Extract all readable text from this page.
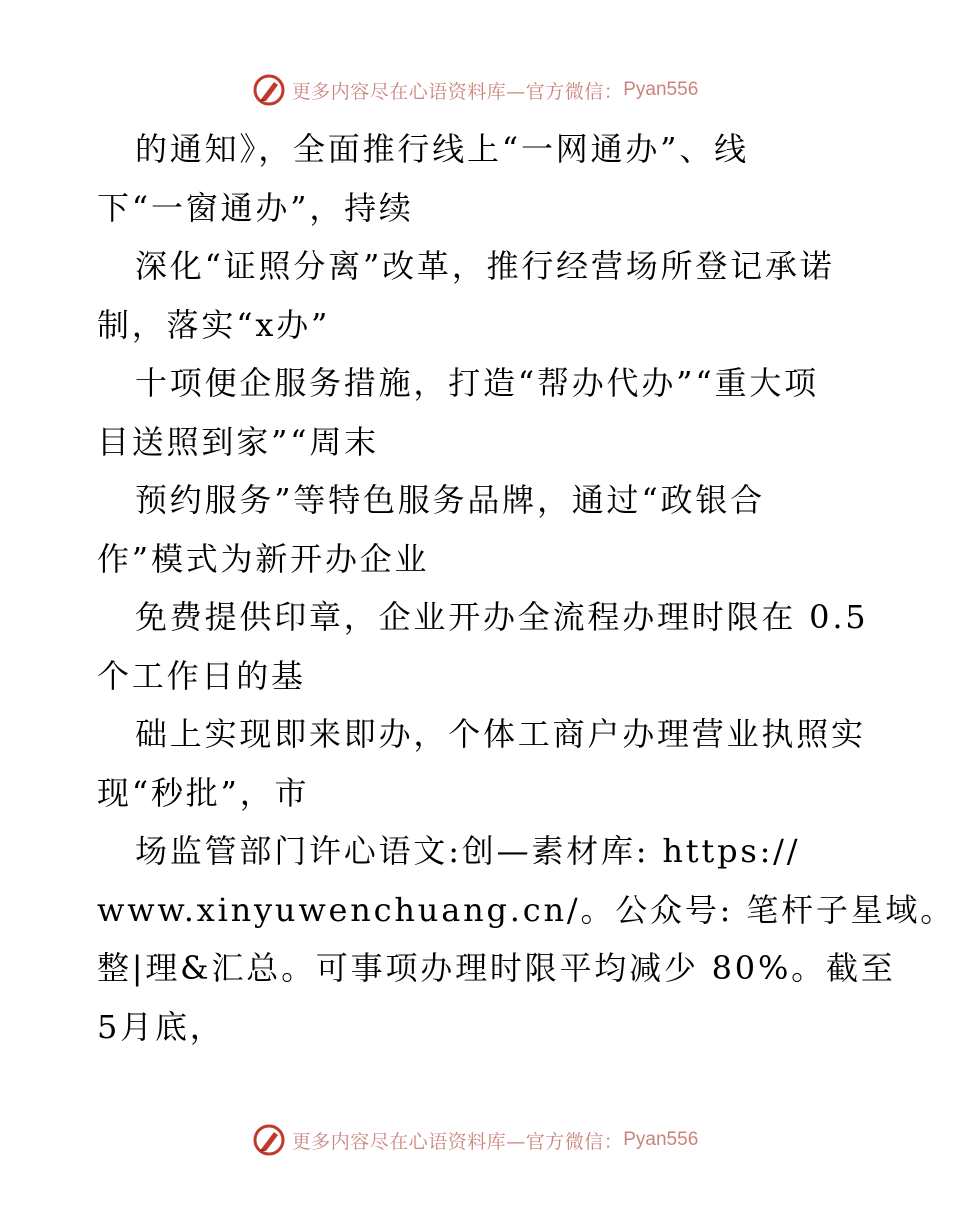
更多内容尽在心语资料库—官方微信： Pyan556
的通知》，全面推行线上“一网通办”、线
下“一窗通办”，持续
深化“证照分离”改革，推行经营场所登记承诺
制，落实“x办”
十项便企服务措施，打造“帮办代办”“重大项
目送照到家”“周末
预约服务”等特色服务品牌，通过“政银合
作”模式为新开办企业
免费提供印章，企业开办全流程办理时限在 0.5
个工作日的基
础上实现即来即办，个体工商户办理营业执照实
现“秒批”，市
场监管部门许心语文:创—素材库: https://
www.xinyuwenchuang.cn/。公众号: 笔杆子星域。
整|理&汇总。可事项办理时限平均减少 80%。截至
5月底，
更多内容尽在心语资料库—官方微信： Pyan556
